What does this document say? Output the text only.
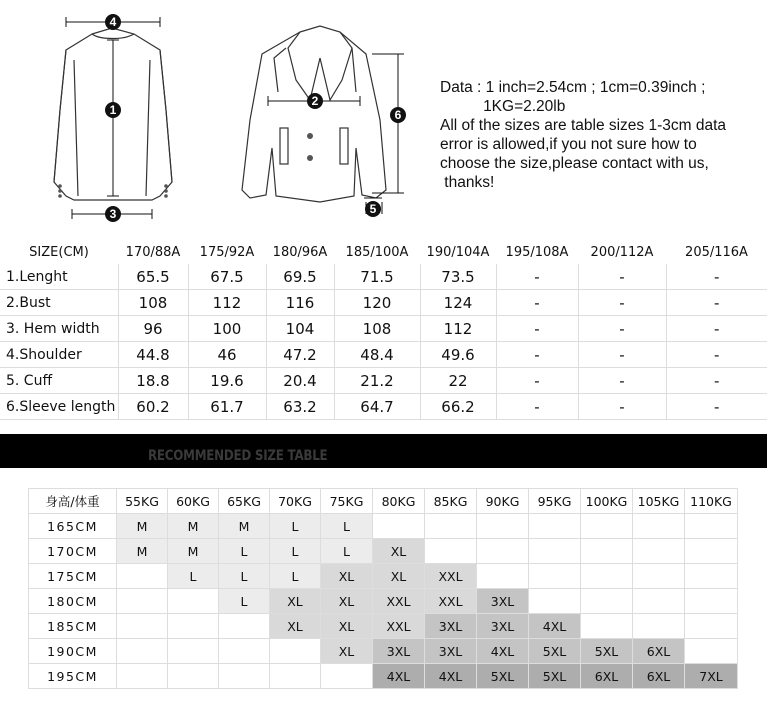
4
1
3
2
6
5
Data : 1 inch=2.54cm ; 1cm=0.39inch ;
1KG=2.20lb
All of the sizes are table sizes 1-3cm data
error is allowed,if you not sure how to
choose the size,please contact with us,
thanks!
SIZE(CM)	170/88A	175/92A	180/96A	185/100A	190/104A	195/108A	200/112A	205/116A
1.Lenght	65.5	67.5	69.5	71.5	73.5	-	-	-
2.Bust	108	112	116	120	124	-	-	-
3. Hem width	96	100	104	108	112	-	-	-
4.Shoulder	44.8	46	47.2	48.4	49.6	-	-	-
5. Cuff	18.8	19.6	20.4	21.2	22	-	-	-
6.Sleeve length	60.2	61.7	63.2	64.7	66.2	-	-	-
RECOMMENDED SIZE TABLE
身高/体重	55KG	60KG	65KG	70KG	75KG	80KG	85KG	90KG	95KG	100KG	105KG	110KG
165CM	M	M	M	L	L							
170CM	M	M	L	L	L	XL						
175CM		L	L	L	XL	XL	XXL					
180CM			L	XL	XL	XXL	XXL	3XL				
185CM				XL	XL	XXL	3XL	3XL	4XL			
190CM					XL	3XL	3XL	4XL	5XL	5XL	6XL	
195CM						4XL	4XL	5XL	5XL	6XL	6XL	7XL
